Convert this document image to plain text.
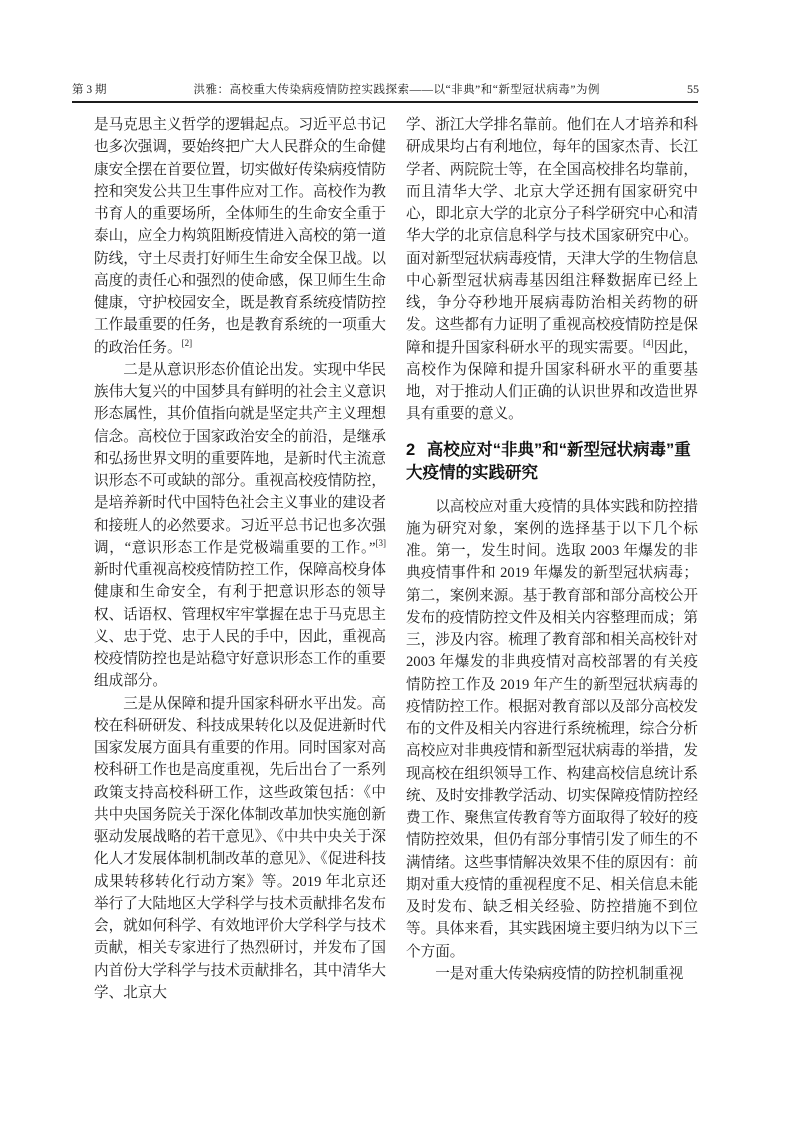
第 3 期	洪雅：高校重大传染病疫情防控实践探索——以“非典”和“新型冠状病毒”为例	55

是马克思主义哲学的逻辑起点。习近平总书记也多次强调，要始终把广大人民群众的生命健康安全摆在首要位置，切实做好传染病疫情防控和突发公共卫生事件应对工作。高校作为教书育人的重要场所，全体师生的生命安全重于泰山，应全力构筑阻断疫情进入高校的第一道防线，守土尽责打好师生生命安全保卫战。以高度的责任心和强烈的使命感，保卫师生生命健康，守护校园安全，既是教育系统疫情防控工作最重要的任务，也是教育系统的一项重大的政治任务。[2]

二是从意识形态价值论出发。实现中华民族伟大复兴的中国梦具有鲜明的社会主义意识形态属性，其价值指向就是坚定共产主义理想信念。高校位于国家政治安全的前沿，是继承和弘扬世界文明的重要阵地，是新时代主流意识形态不可或缺的部分。重视高校疫情防控，是培养新时代中国特色社会主义事业的建设者和接班人的必然要求。习近平总书记也多次强调，“意识形态工作是党极端重要的工作。”[3]新时代重视高校疫情防控工作，保障高校身体健康和生命安全，有利于把意识形态的领导权、话语权、管理权牢牢掌握在忠于马克思主义、忠于党、忠于人民的手中，因此，重视高校疫情防控也是站稳守好意识形态工作的重要组成部分。

三是从保障和提升国家科研水平出发。高校在科研研发、科技成果转化以及促进新时代国家发展方面具有重要的作用。同时国家对高校科研工作也是高度重视，先后出台了一系列政策支持高校科研工作，这些政策包括：《中共中央国务院关于深化体制改革加快实施创新驱动发展战略的若干意见》、《中共中央关于深化人才发展体制机制改革的意见》、《促进科技成果转移转化行动方案》等。2019 年北京还举行了大陆地区大学科学与技术贡献排名发布会，就如何科学、有效地评价大学科学与技术贡献，相关专家进行了热烈研讨，并发布了国内首份大学科学与技术贡献排名，其中清华大学、北京大

学、浙江大学排名靠前。他们在人才培养和科研成果均占有利地位，每年的国家杰青、长江学者、两院院士等，在全国高校排名均靠前，而且清华大学、北京大学还拥有国家研究中心，即北京大学的北京分子科学研究中心和清华大学的北京信息科学与技术国家研究中心。面对新型冠状病毒疫情，天津大学的生物信息中心新型冠状病毒基因组注释数据库已经上线，争分夺秒地开展病毒防治相关药物的研发。这些都有力证明了重视高校疫情防控是保障和提升国家科研水平的现实需要。[4]因此，高校作为保障和提升国家科研水平的重要基地，对于推动人们正确的认识世界和改造世界具有重要的意义。

2 高校应对“非典”和“新型冠状病毒”重大疫情的实践研究

以高校应对重大疫情的具体实践和防控措施为研究对象，案例的选择基于以下几个标准。第一，发生时间。选取 2003 年爆发的非典疫情事件和 2019 年爆发的新型冠状病毒；第二，案例来源。基于教育部和部分高校公开发布的疫情防控文件及相关内容整理而成；第三，涉及内容。梳理了教育部和相关高校针对 2003 年爆发的非典疫情对高校部署的有关疫情防控工作及 2019 年产生的新型冠状病毒的疫情防控工作。根据对教育部以及部分高校发布的文件及相关内容进行系统梳理，综合分析高校应对非典疫情和新型冠状病毒的举措，发现高校在组织领导工作、构建高校信息统计系统、及时安排教学活动、切实保障疫情防控经费工作、聚焦宣传教育等方面取得了较好的疫情防控效果，但仍有部分事情引发了师生的不满情绪。这些事情解决效果不佳的原因有：前期对重大疫情的重视程度不足、相关信息未能及时发布、缺乏相关经验、防控措施不到位等。具体来看，其实践困境主要归纳为以下三个方面。

一是对重大传染病疫情的防控机制重视
